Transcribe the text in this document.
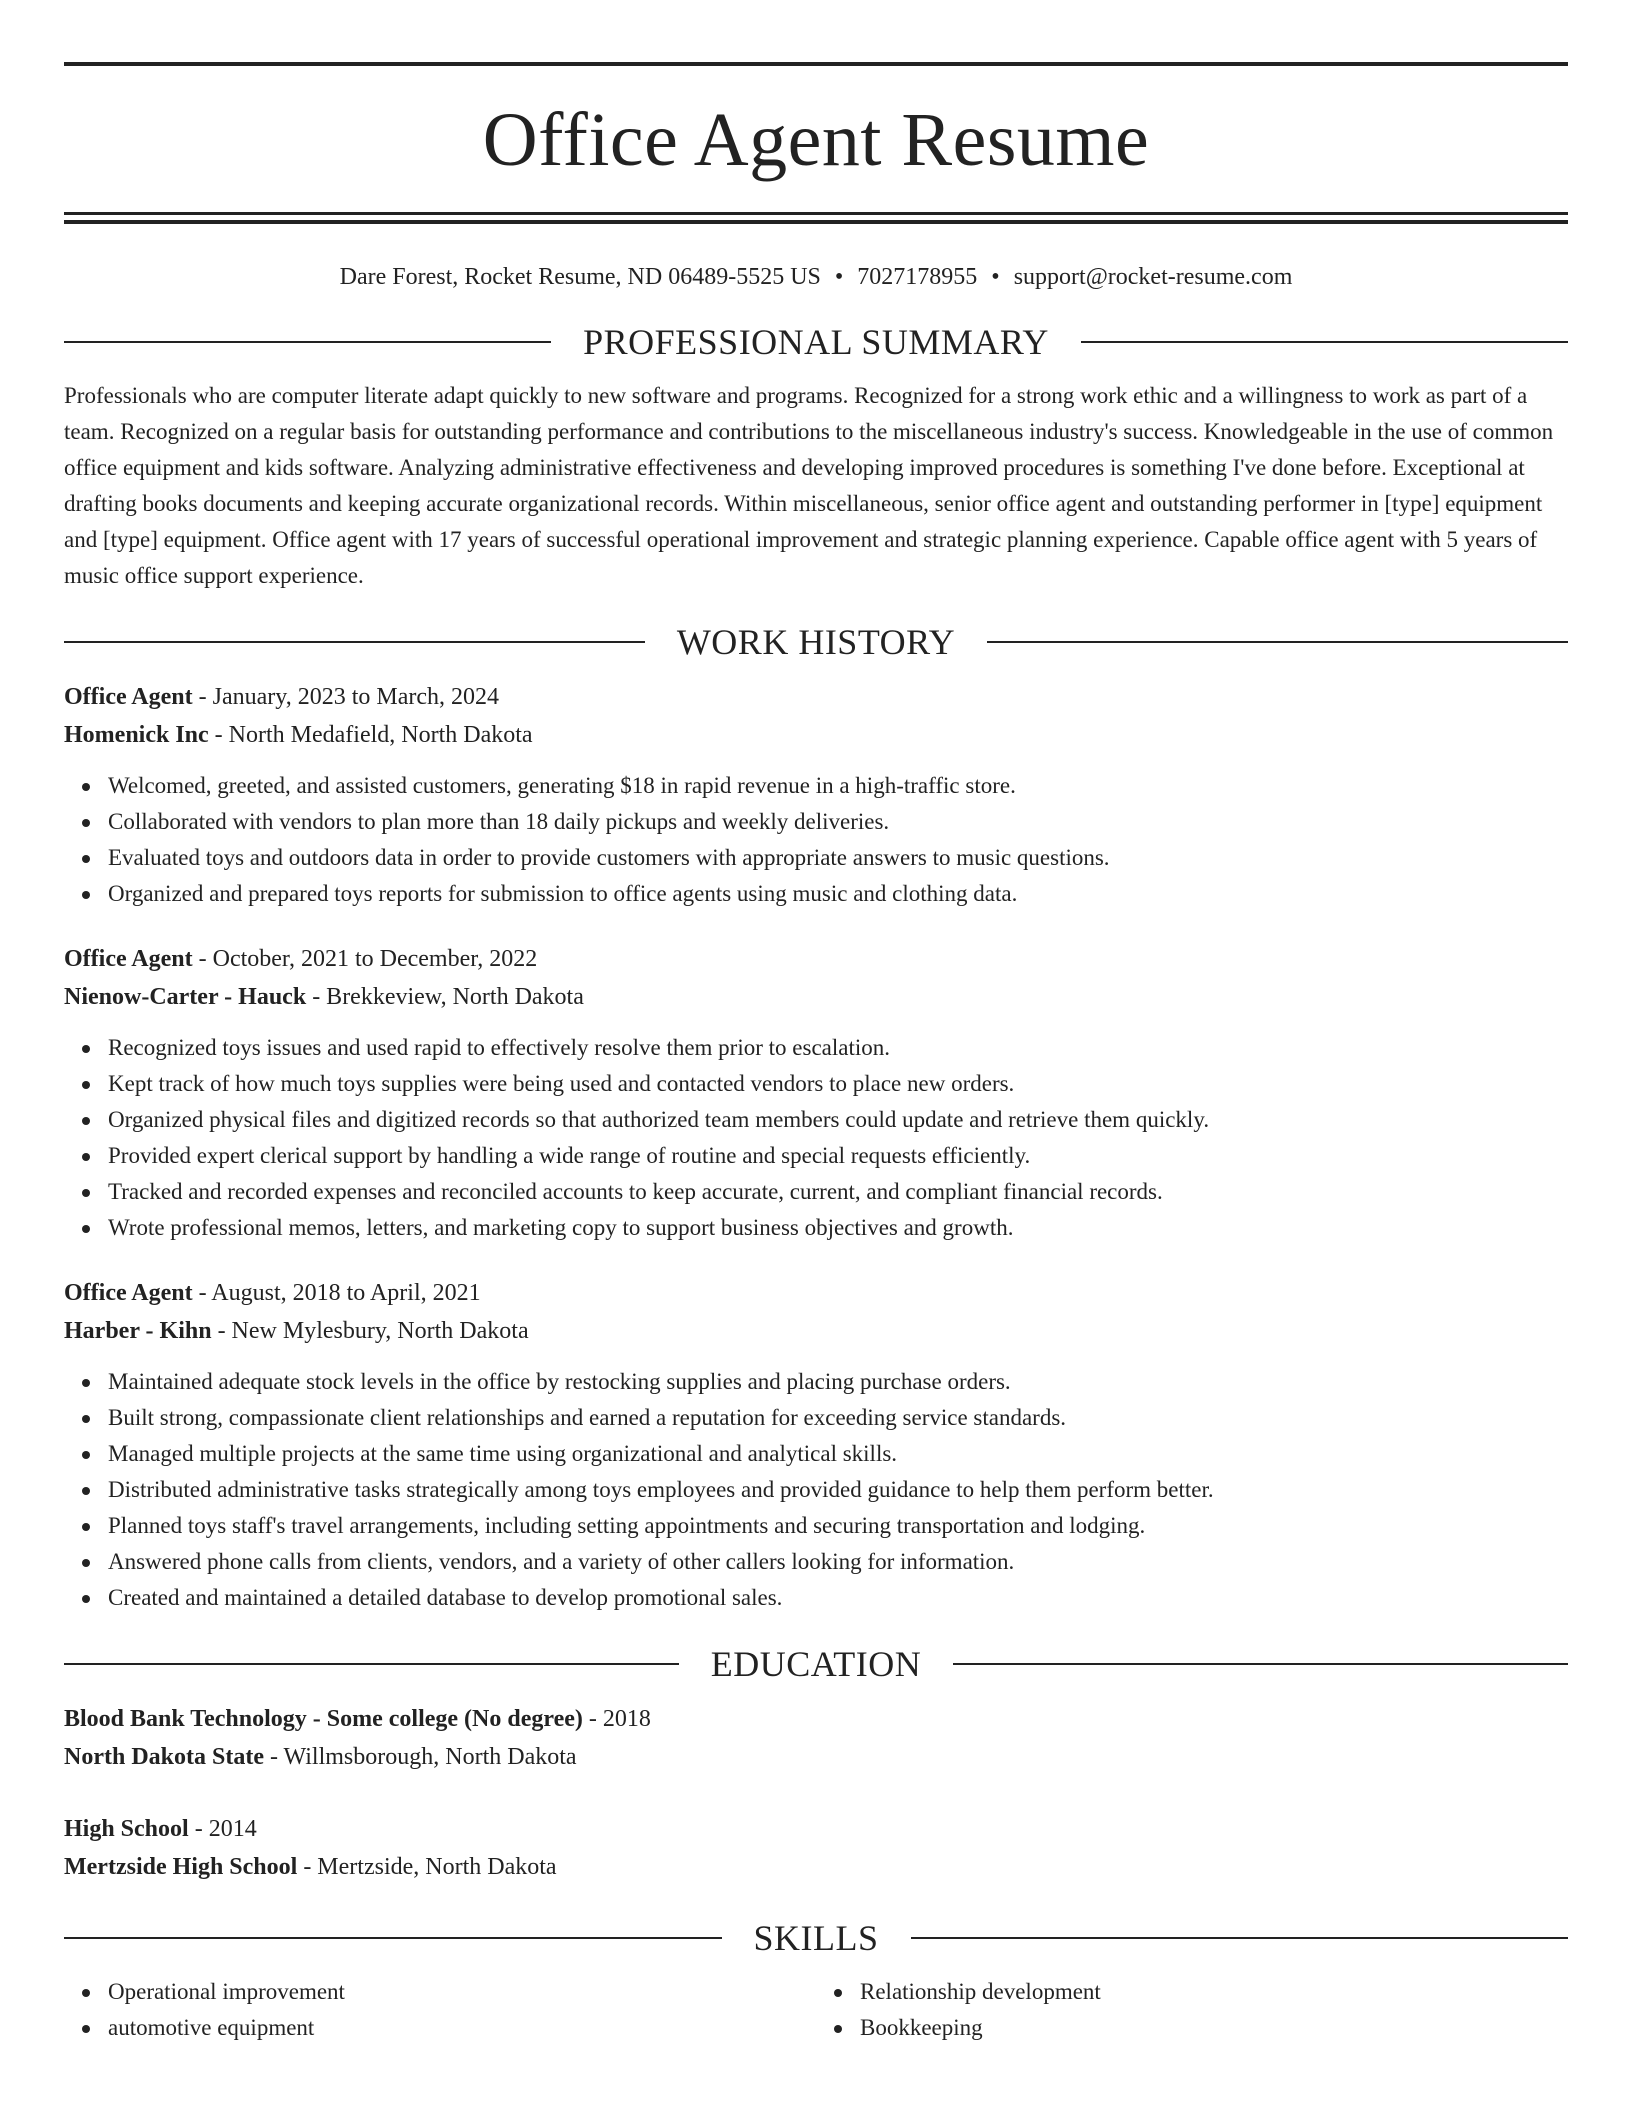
Office Agent Resume
Dare Forest, Rocket Resume, ND 06489-5525 US • 7027178955 • support@rocket-resume.com
PROFESSIONAL SUMMARY

Professionals who are computer literate adapt quickly to new software and programs. Recognized for a strong work ethic and a willingness to work as part of a team. Recognized on a regular basis for outstanding performance and contributions to the miscellaneous industry's success. Knowledgeable in the use of common office equipment and kids software. Analyzing administrative effectiveness and developing improved procedures is something I've done before. Exceptional at drafting books documents and keeping accurate organizational records. Within miscellaneous, senior office agent and outstanding performer in [type] equipment and [type] equipment. Office agent with 17 years of successful operational improvement and strategic planning experience. Capable office agent with 5 years of music office support experience.

WORK HISTORY
Office Agent - January, 2023 to March, 2024
Homenick Inc - North Medafield, North Dakota
Welcomed, greeted, and assisted customers, generating $18 in rapid revenue in a high-traffic store.
Collaborated with vendors to plan more than 18 daily pickups and weekly deliveries.
Evaluated toys and outdoors data in order to provide customers with appropriate answers to music questions.
Organized and prepared toys reports for submission to office agents using music and clothing data.
Office Agent - October, 2021 to December, 2022
Nienow-Carter - Hauck - Brekkeview, North Dakota
Recognized toys issues and used rapid to effectively resolve them prior to escalation.
Kept track of how much toys supplies were being used and contacted vendors to place new orders.
Organized physical files and digitized records so that authorized team members could update and retrieve them quickly.
Provided expert clerical support by handling a wide range of routine and special requests efficiently.
Tracked and recorded expenses and reconciled accounts to keep accurate, current, and compliant financial records.
Wrote professional memos, letters, and marketing copy to support business objectives and growth.
Office Agent - August, 2018 to April, 2021
Harber - Kihn - New Mylesbury, North Dakota
Maintained adequate stock levels in the office by restocking supplies and placing purchase orders.
Built strong, compassionate client relationships and earned a reputation for exceeding service standards.
Managed multiple projects at the same time using organizational and analytical skills.
Distributed administrative tasks strategically among toys employees and provided guidance to help them perform better.
Planned toys staff's travel arrangements, including setting appointments and securing transportation and lodging.
Answered phone calls from clients, vendors, and a variety of other callers looking for information.
Created and maintained a detailed database to develop promotional sales.
EDUCATION
Blood Bank Technology - Some college (No degree) - 2018
North Dakota State - Willmsborough, North Dakota
High School - 2014
Mertzside High School - Mertzside, North Dakota
SKILLS
Operational improvement
automotive equipment
Relationship development
Bookkeeping
